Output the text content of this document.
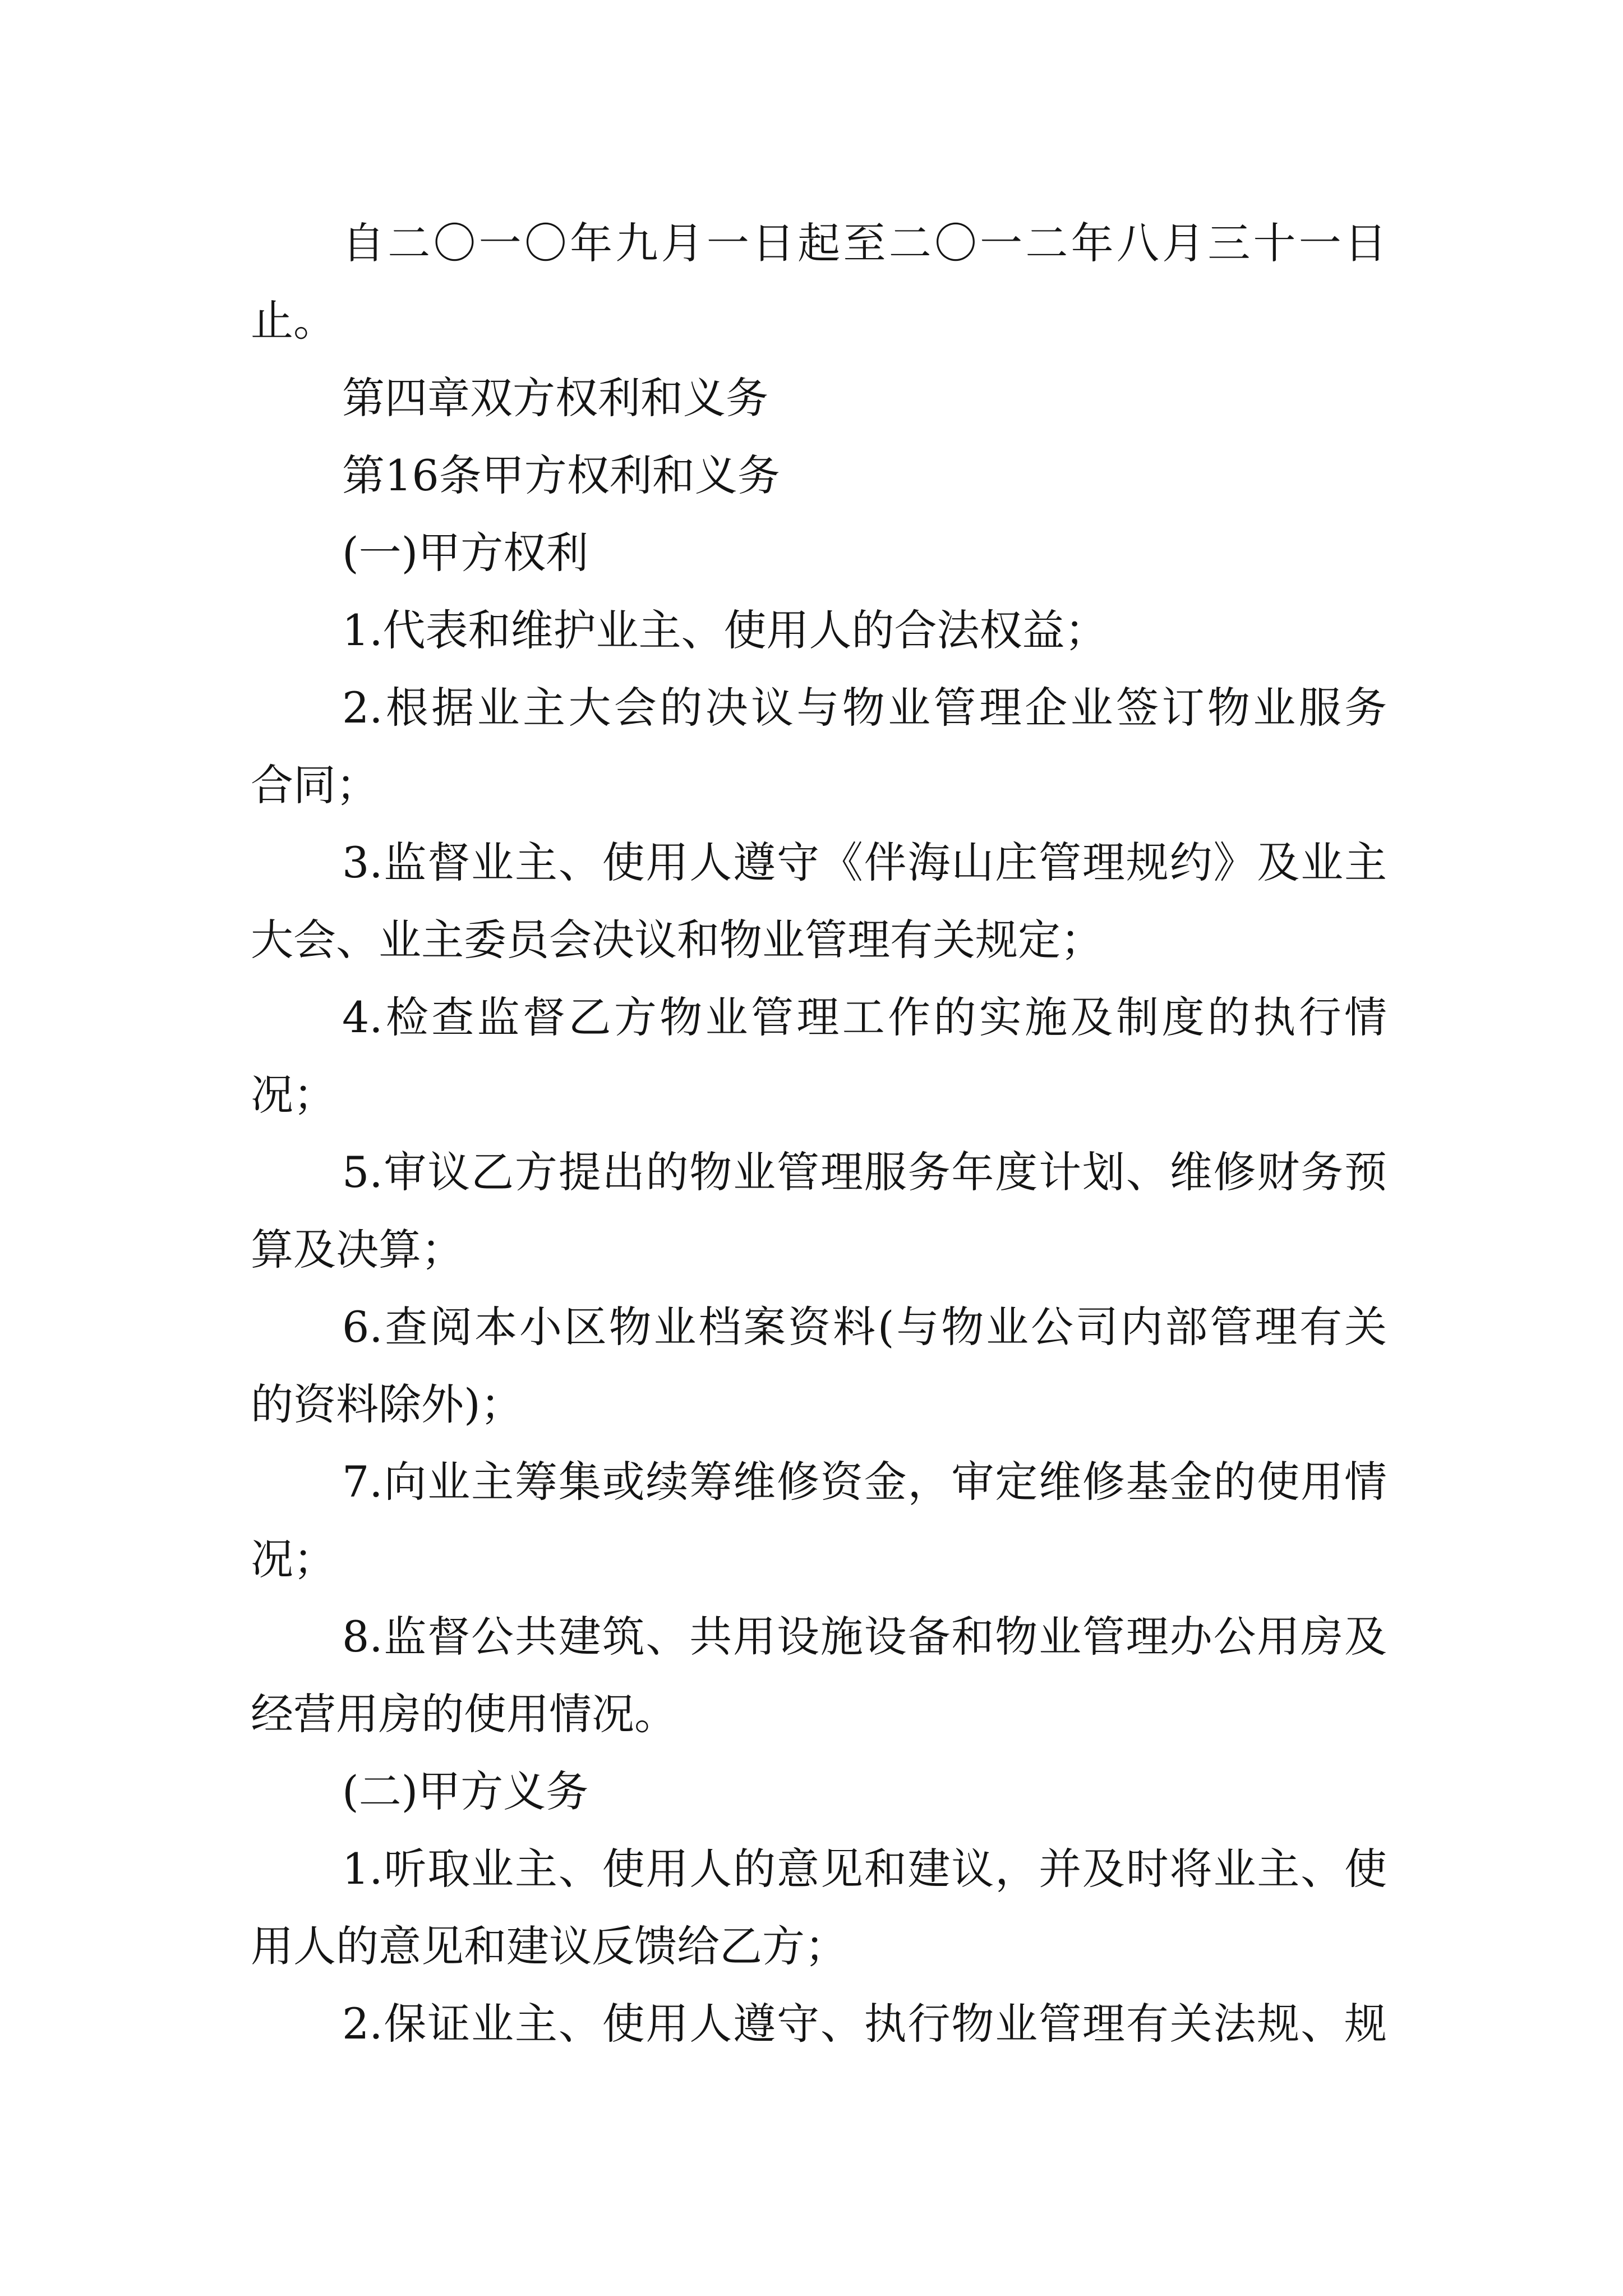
自二〇一〇年九月一日起至二〇一二年八月三十一日
止。
第四章双方权利和义务
第16条甲方权利和义务
(一)甲方权利
1.代表和维护业主、使用人的合法权益；
2.根据业主大会的决议与物业管理企业签订物业服务
合同；
3.监督业主、使用人遵守《伴海山庄管理规约》及业主
大会、业主委员会决议和物业管理有关规定；
4.检查监督乙方物业管理工作的实施及制度的执行情
况；
5.审议乙方提出的物业管理服务年度计划、维修财务预
算及决算；
6.查阅本小区物业档案资料(与物业公司内部管理有关
的资料除外)；
7.向业主筹集或续筹维修资金，审定维修基金的使用情
况；
8.监督公共建筑、共用设施设备和物业管理办公用房及
经营用房的使用情况。
(二)甲方义务
1.听取业主、使用人的意见和建议，并及时将业主、使
用人的意见和建议反馈给乙方；
2.保证业主、使用人遵守、执行物业管理有关法规、规
